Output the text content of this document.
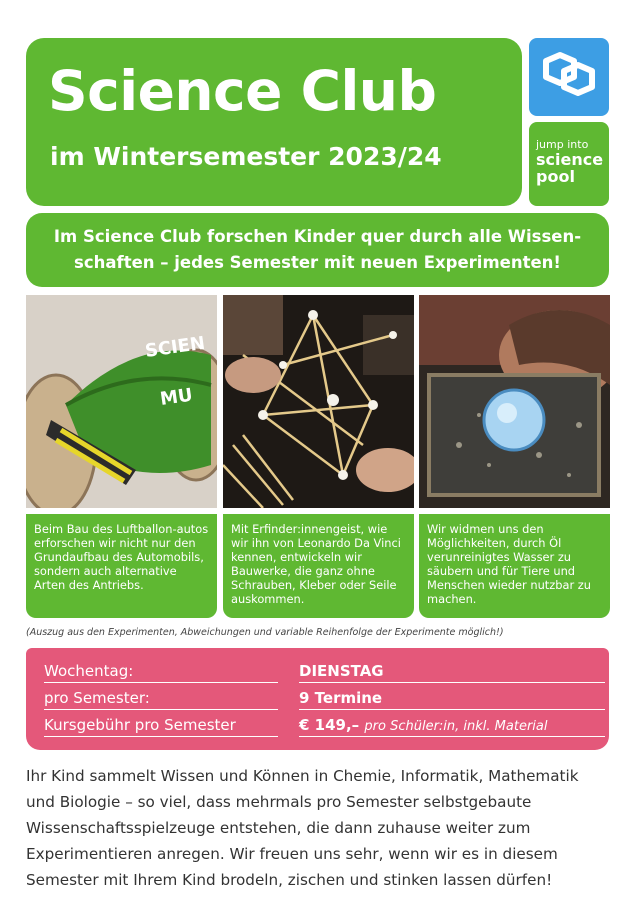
Science Club
im Wintersemester 2023/24	jump into
science
pool
Im Science Club forschen Kinder quer durch alle Wissen-
schaften – jedes Semester mit neuen Experimenten!
SCIEN
MU
Beim Bau des Luftballon-autos erforschen wir nicht nur den Grundaufbau des Automobils, sondern auch alternative Arten des Antriebs.
Mit Erfinder:innengeist, wie wir ihn von Leonardo Da Vinci kennen, entwickeln wir Bauwerke, die ganz ohne Schrauben, Kleber oder Seile auskommen.
Wir widmen uns den Möglichkeiten, durch Öl verunreinigtes Wasser zu säubern und für Tiere und Menschen wieder nutzbar zu machen.
(Auszug aus den Experimenten, Abweichungen und variable Reihenfolge der Experimente möglich!)
Wochentag:	DIENSTAG
pro Semester:	9 Termine
Kursgebühr pro Semester	€ 149,– pro Schüler:in, inkl. Material
Ihr Kind sammelt Wissen und Können in Chemie, Informatik, Mathematik
und Biologie – so viel, dass mehrmals pro Semester selbstgebaute
Wissenschaftsspielzeuge entstehen, die dann zuhause weiter zum
Experimentieren anregen. Wir freuen uns sehr, wenn wir es in diesem
Semester mit Ihrem Kind brodeln, zischen und stinken lassen dürfen!
